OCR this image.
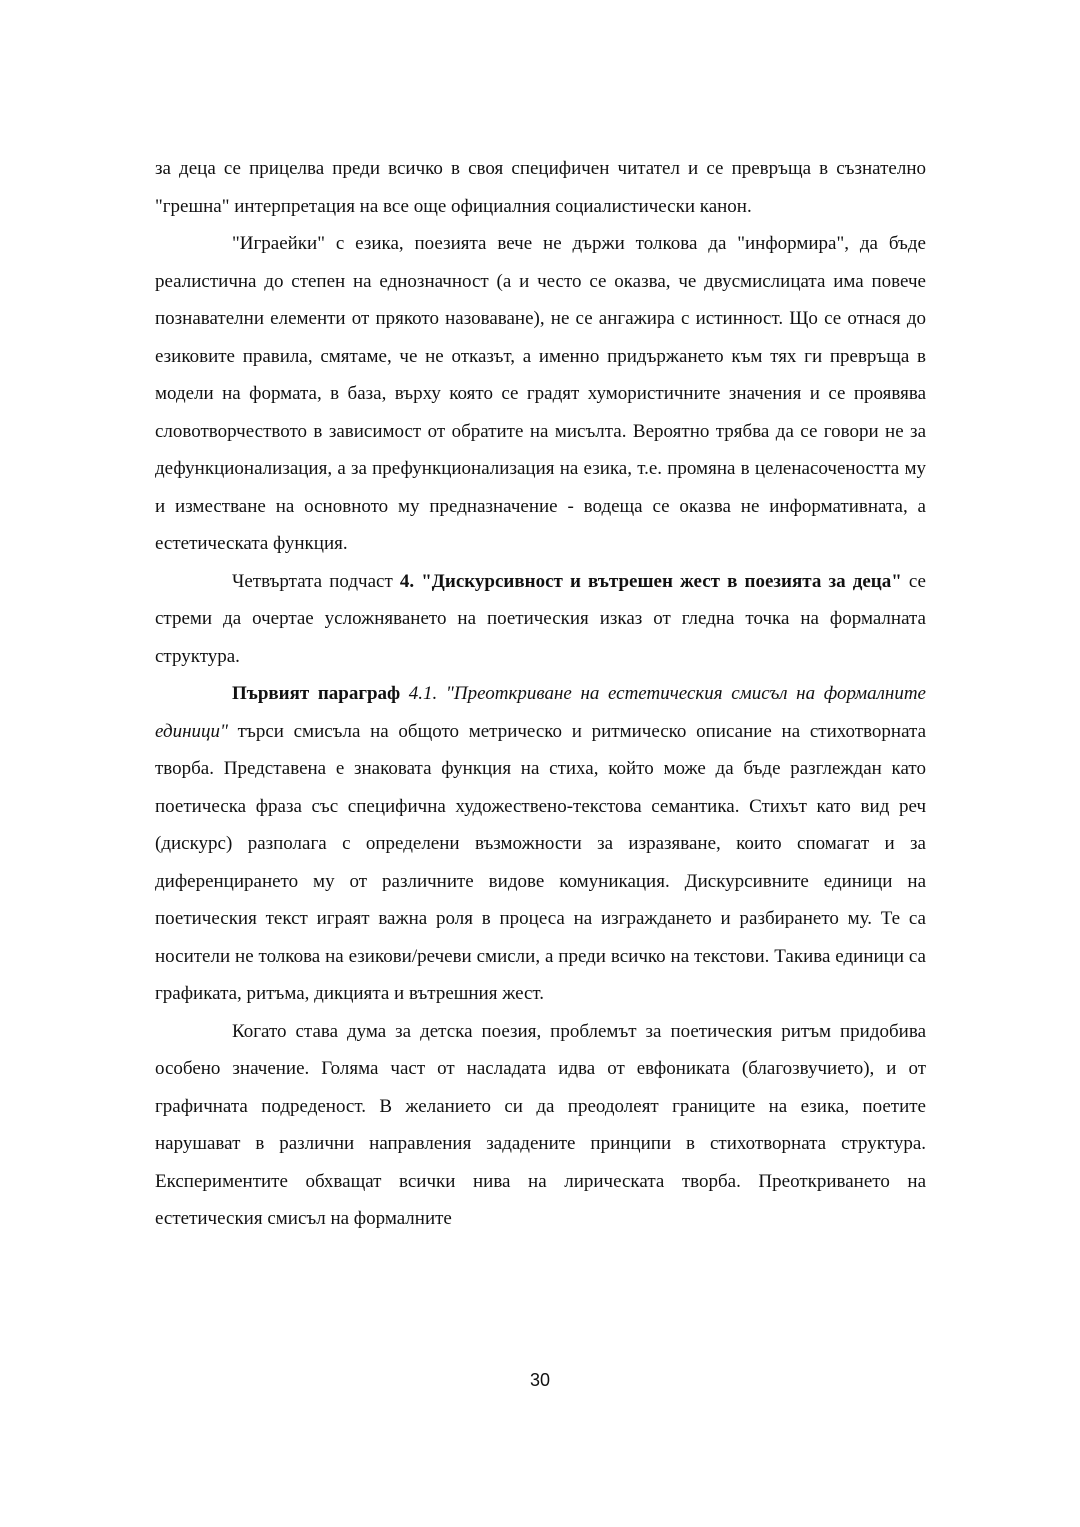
за деца се прицелва преди всичко в своя специфичен читател и се превръща в съзнателно "грешна" интерпретация на все още официалния социалистически канон.

"Играейки" с езика, поезията вече не държи толкова да "информира", да бъде реалистична до степен на еднозначност (а и често се оказва, че двусмислицата има повече познавателни елементи от прякото назоваване), не се ангажира с истинност. Що се отнася до езиковите правила, смятаме, че не отказът, а именно придържането към тях ги превръща в модели на формата, в база, върху която се градят хумористичните значения и се проявява словотворчеството в зависимост от обратите на мисълта. Вероятно трябва да се говори не за дефункционализация, а за префункционализация на езика, т.е. промяна в целенасочеността му и изместване на основното му предназначение - водеща се оказва не информативната, а естетическата функция.

Четвъртата подчаст 4. "Дискурсивност и вътрешен жест в поезията за деца" се стреми да очертае усложняването на поетическия изказ от гледна точка на формалната структура.

Първият параграф 4.1. "Преоткриване на естетическия смисъл на формалните единици" търси смисъла на общото метрическо и ритмическо описание на стихотворната творба. Представена е знаковата функция на стиха, който може да бъде разглеждан като поетическа фраза със специфична художествено-текстова семантика. Стихът като вид реч (дискурс) разполага с определени възможности за изразяване, които спомагат и за диференцирането му от различните видове комуникация. Дискурсивните единици на поетическия текст играят важна роля в процеса на изграждането и разбирането му. Те са носители не толкова на езикови/речеви смисли, а преди всичко на текстови. Такива единици са графиката, ритъма, дикцията и вътрешния жест.

Когато става дума за детска поезия, проблемът за поетическия ритъм придобива особено значение. Голяма част от насладата идва от евфониката (благозвучието), и от графичната подреденост. В желанието си да преодолеят границите на езика, поетите нарушават в различни направления зададените принципи в стихотворната структура. Експериментите обхващат всички нива на лирическата творба. Преоткриването на естетическия смисъл на формалните

30
